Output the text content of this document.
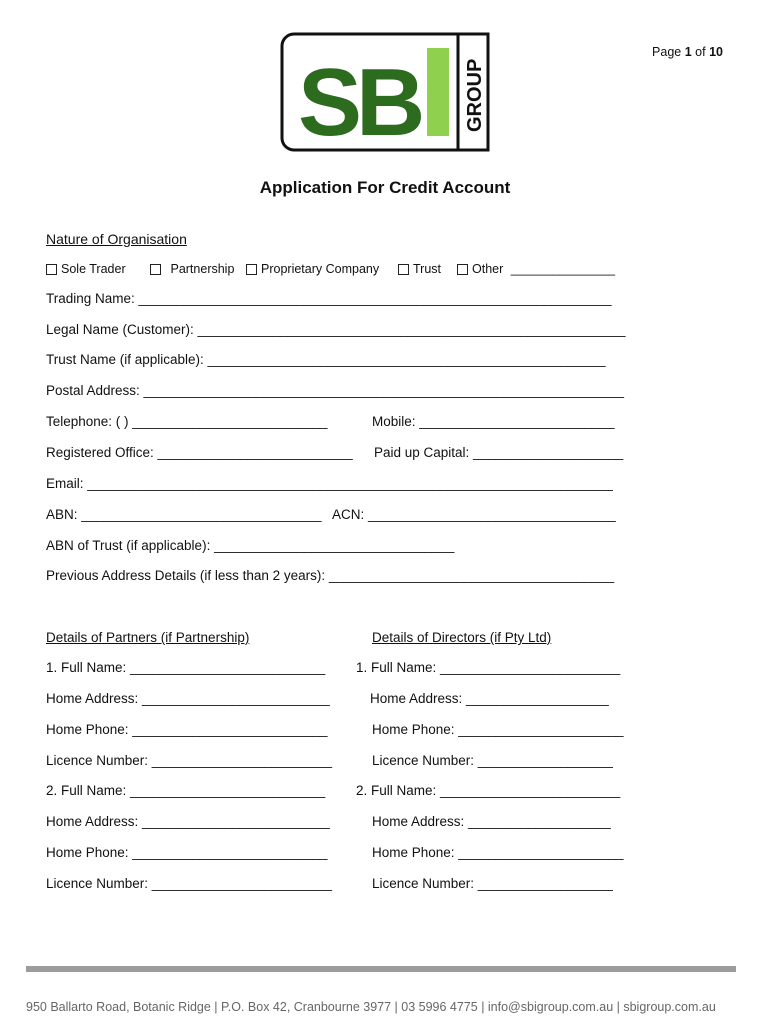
SB GROUP
Page 1 of 10
Application For Credit Account
Nature of Organisation
Sole Trader
	Partnership Proprietary Company	Trust Other
_______________
Trading Name: _______________________________________________________________
Legal Name (Customer): _________________________________________________________
Trust Name (if applicable): _____________________________________________________
Postal Address: ________________________________________________________________
Telephone: ( ) __________________________	Mobile: __________________________
Registered Office: __________________________ Paid up Capital: ____________________
Email: ______________________________________________________________________
ABN: ________________________________ ACN: _________________________________
ABN of Trust (if applicable): ________________________________
Previous Address Details (if less than 2 years): ______________________________________
Details of Partners (if Partnership)
1. Full Name: __________________________
Home Address: _________________________
Home Phone: __________________________
Licence Number: ________________________
2. Full Name: __________________________
Home Address: _________________________
Home Phone: __________________________
Licence Number: ________________________
Details of Directors (if Pty Ltd)
1. Full Name: ________________________
Home Address: ___________________
Home Phone: ______________________
Licence Number: __________________
2. Full Name: ________________________
Home Address: ___________________
Home Phone: ______________________
Licence Number: __________________
950 Ballarto Road, Botanic Ridge | P.O. Box 42, Cranbourne 3977 | 03 5996 4775 | info@sbigroup.com.au | sbigroup.com.au
